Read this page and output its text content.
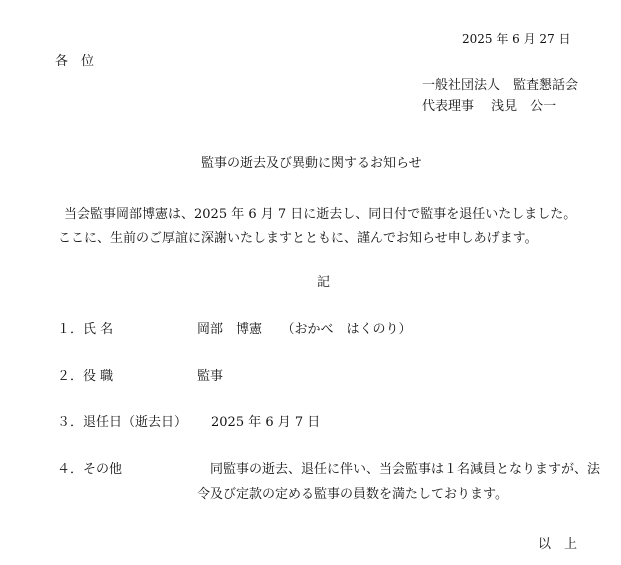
2025 年 6 月 27 日
各　位
一般社団法人　監査懇話会
代表理事　 浅見　公一
監事の逝去及び異動に関するお知らせ
当会監事岡部博憲は、2025 年 6 月 7 日に逝去し、同日付で監事を退任いたしました。
ここに、生前のご厚誼に深謝いたしますとともに、謹んでお知らせ申しあげます。
記
１．氏 名	岡部　博憲　　（おかべ　はくのり）
２．役 職	監事
３．退任日（逝去日） 2025 年 6 月 7 日
４．その他	同監事の逝去、退任に伴い、当会監事は１名減員となりますが、法
令及び定款の定める監事の員数を満たしております。
以　上
